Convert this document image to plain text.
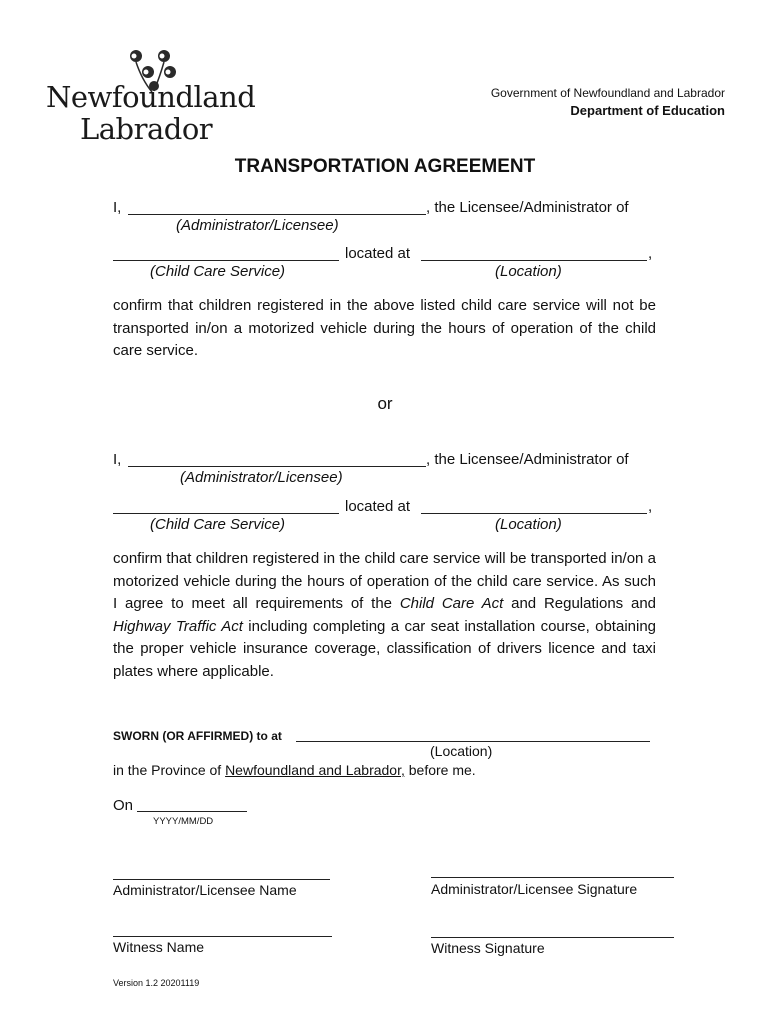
Newfoundland
Labrador
Government of Newfoundland and Labrador
Department of Education
TRANSPORTATION AGREEMENT
I,	, the Licensee/Administrator of
(Administrator/Licensee)
located at	,
(Child Care Service)	(Location)
confirm that children registered in the above listed child care service will not be transported in/on a motorized vehicle during the hours of operation of the child care service.
or
I,	, the Licensee/Administrator of
(Administrator/Licensee)
located at	,
(Child Care Service)	(Location)
confirm that children registered in the child care service will be transported in/on a motorized vehicle during the hours of operation of the child care service. As such I agree to meet all requirements of the Child Care Act and Regulations and Highway Traffic Act including completing a car seat installation course, obtaining the proper vehicle insurance coverage, classification of drivers licence and taxi plates where applicable.
SWORN (OR AFFIRMED) to at
(Location)
in the Province of Newfoundland and Labrador, before me.
On
YYYY/MM/DD
Administrator/Licensee Name	Administrator/Licensee Signature
Witness Name	Witness Signature
Version 1.2 20201119
